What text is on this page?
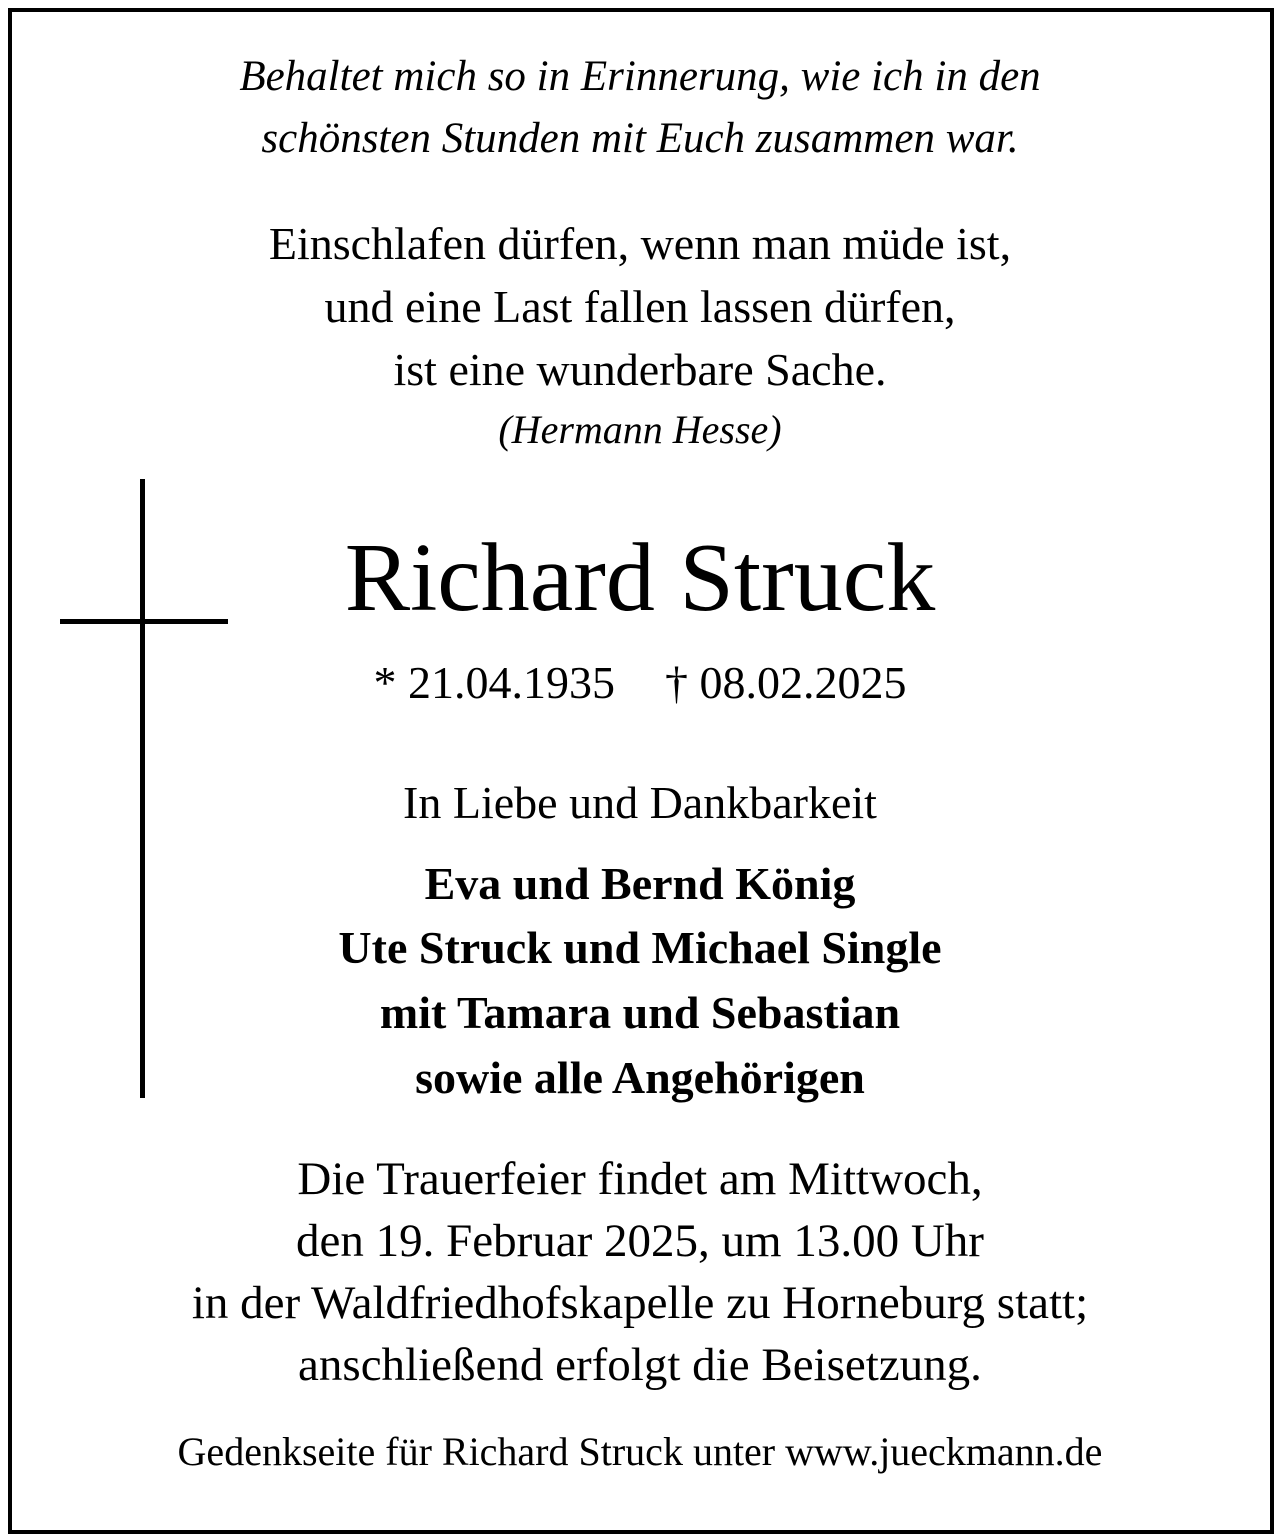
Behaltet mich so in Erinnerung, wie ich in den
schönsten Stunden mit Euch zusammen war.
Einschlafen dürfen, wenn man müde ist,
und eine Last fallen lassen dürfen,
ist eine wunderbare Sache.
(Hermann Hesse)
Richard Struck
* 21.04.1935 † 08.02.2025
In Liebe und Dankbarkeit
Eva und Bernd König
Ute Struck und Michael Single
mit Tamara und Sebastian
sowie alle Angehörigen
Die Trauerfeier findet am Mittwoch,
den 19. Februar 2025, um 13.00 Uhr
in der Waldfriedhofskapelle zu Horneburg statt;
anschließend erfolgt die Beisetzung.
Gedenkseite für Richard Struck unter www.jueckmann.de
